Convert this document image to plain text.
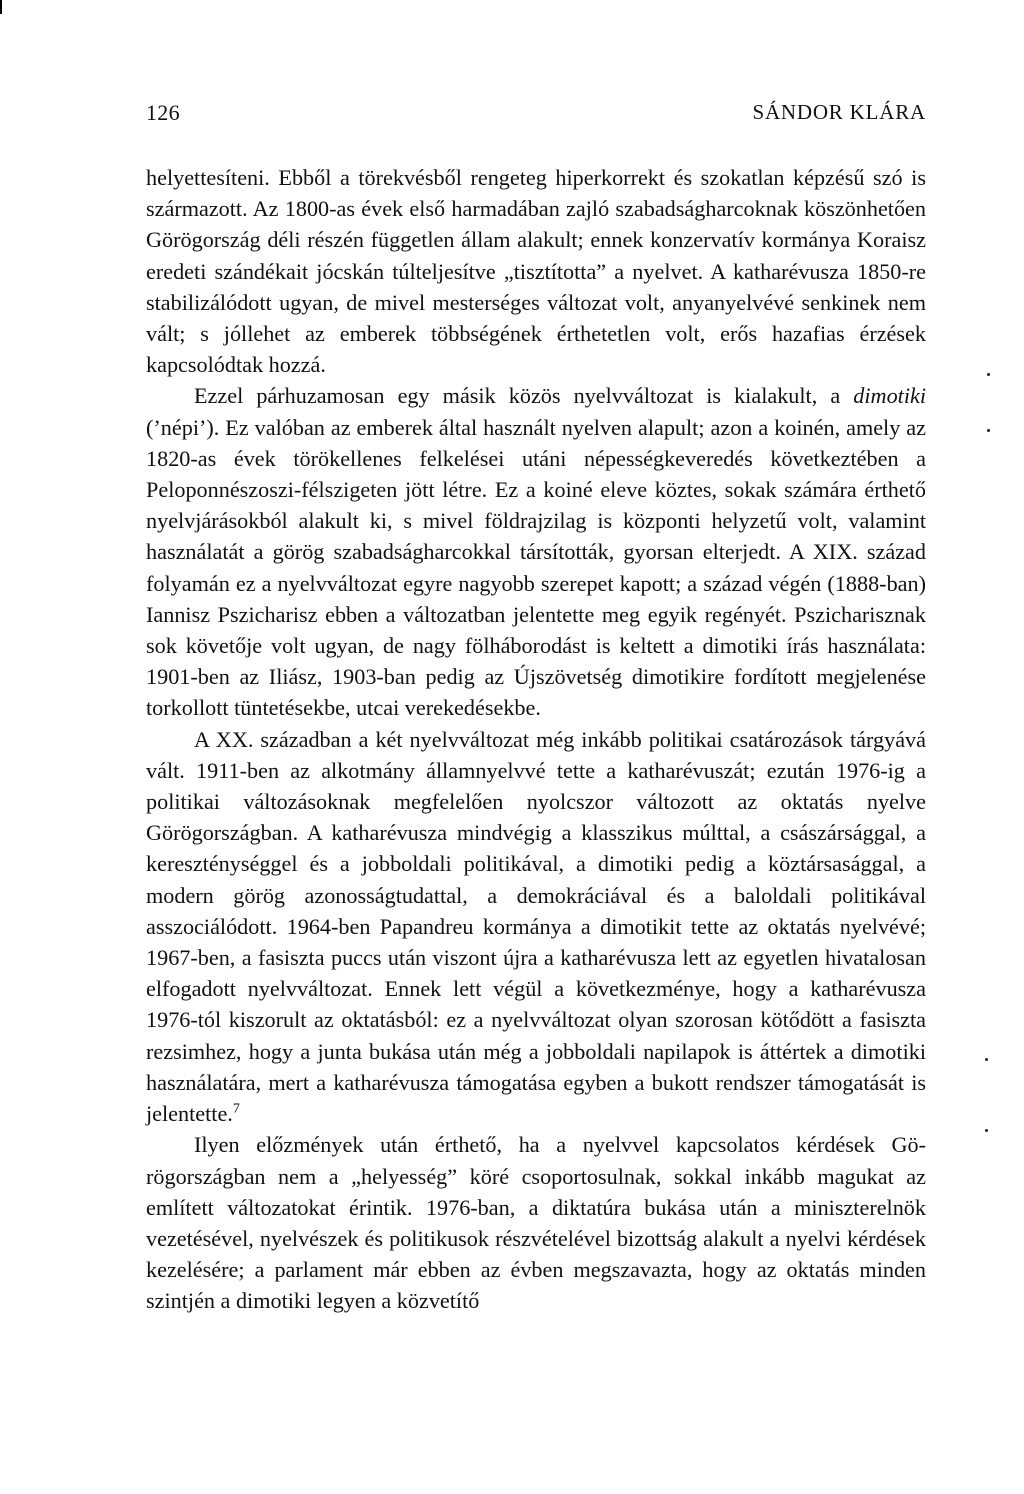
126	SÁNDOR KLÁRA

helyettesíteni. Ebből a törekvésből rengeteg hiperkorrekt és szokatlan képzésű szó is származott. Az 1800-as évek első harmadában zajló szabadságharcoknak köszönhetően Görögország déli részén független állam alakult; ennek konzervatív kormánya Koraisz eredeti szándékait jócskán túlteljesítve „tisztította” a nyelvet. A katharévusza 1850-re stabilizálódott ugyan, de mivel mesterséges változat volt, anyanyelvévé senkinek nem vált; s jóllehet az emberek többségének érthetetlen volt, erős hazafias érzések kapcsolódtak hozzá.

Ezzel párhuzamosan egy másik közös nyelvváltozat is kialakult, a dimotiki (’népi’). Ez valóban az emberek által használt nyelven alapult; azon a koinén, amely az 1820-as évek törökellenes felkelései utáni népességkeveredés következtében a Peloponnészoszi-félszigeten jött létre. Ez a koiné eleve köztes, sokak számára érthető nyelvjárásokból alakult ki, s mivel földrajzilag is központi helyzetű volt, valamint használatát a görög szabadságharcokkal társították, gyorsan elterjedt. A XIX. század folyamán ez a nyelvváltozat egyre nagyobb szerepet kapott; a század végén (1888-ban) Iannisz Pszicharisz ebben a változatban jelentette meg egyik regényét. Pszicharisznak sok követője volt ugyan, de nagy fölháborodást is keltett a dimotiki írás használata: 1901-ben az Iliász, 1903-ban pedig az Újszövetség dimotikire fordított megjelenése torkollott tüntetésekbe, utcai verekedésekbe.

A XX. században a két nyelvváltozat még inkább politikai csatározások tárgyává vált. 1911-ben az alkotmány államnyelvvé tette a katharévuszát; ezután 1976-ig a politikai változásoknak megfelelően nyolcszor változott az oktatás nyelve Görögországban. A katharévusza mindvégig a klasszikus múlttal, a császársággal, a kereszténységgel és a jobboldali politikával, a dimotiki pedig a köztársasággal, a modern görög azonosságtudattal, a demokráciával és a baloldali politikával asszociálódott. 1964-ben Papandreu kormánya a dimotikit tette az oktatás nyelvévé; 1967-ben, a fasiszta puccs után viszont újra a katharévusza lett az egyetlen hivatalosan elfogadott nyelvváltozat. Ennek lett végül a következménye, hogy a katharévusza 1976-tól kiszorult az oktatásból: ez a nyelvváltozat olyan szorosan kötődött a fasiszta rezsimhez, hogy a junta bukása után még a jobboldali napilapok is áttértek a dimotiki használatára, mert a katharévusza támogatása egyben a bukott rendszer támogatását is jelentette.$^7$

Ilyen előzmények után érthető, ha a nyelvvel kapcsolatos kérdések Görögországban nem a „helyesség” köré csoportosulnak, sokkal inkább magukat az említett változatokat érintik. 1976-ban, a diktatúra bukása után a miniszterelnök vezetésével, nyelvészek és politikusok részvételével bizottság alakult a nyelvi kérdések kezelésére; a parlament már ebben az évben megszavazta, hogy az oktatás minden szintjén a dimotiki legyen a közvetítő
